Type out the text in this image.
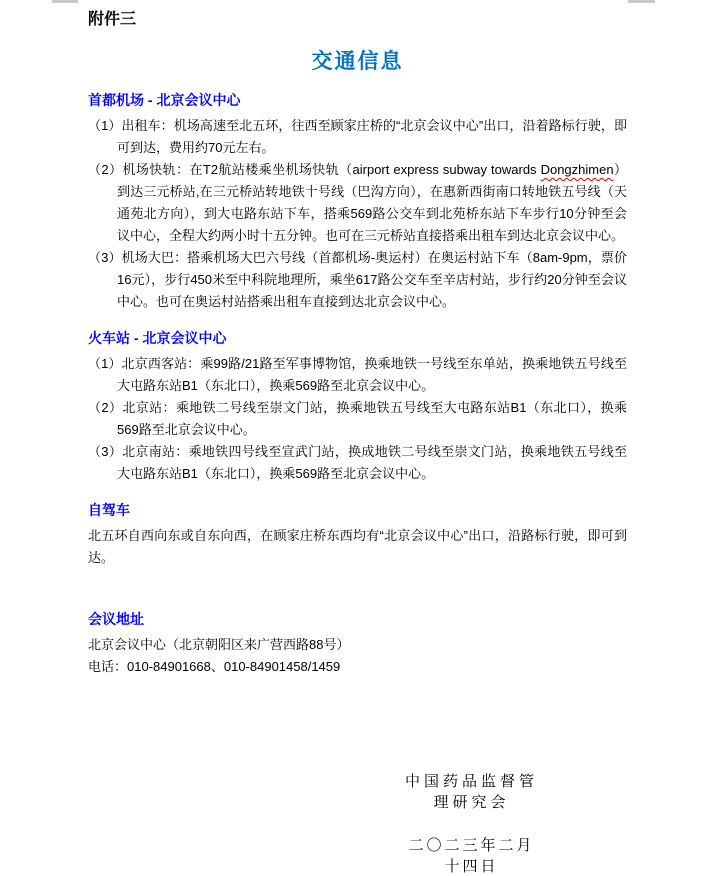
附件三

交通信息
首都机场 - 北京会议中心

（1）出租车：机场高速至北五环，往西至顾家庄桥的“北京会议中心”出口，沿着路标行驶，即可到达，费用约70元左右。

（2）机场快轨：在T2航站楼乘坐机场快轨（airport express subway towards Dongzhimen）到达三元桥站,在三元桥站转地铁十号线（巴沟方向），在惠新西街南口转地铁五号线（天通苑北方向），到大屯路东站下车，搭乘569路公交车到北苑桥东站下车步行10分钟至会议中心，全程大约两小时十五分钟。也可在三元桥站直接搭乘出租车到达北京会议中心。

（3）机场大巴：搭乘机场大巴六号线（首都机场-奥运村）在奥运村站下车（8am-9pm，票价16元），步行450米至中科院地理所，乘坐617路公交车至辛店村站，步行约20分钟至会议中心。也可在奥运村站搭乘出租车直接到达北京会议中心。

火车站 - 北京会议中心

（1）北京西客站：乘99路/21路至军事博物馆，换乘地铁一号线至东单站，换乘地铁五号线至大屯路东站B1（东北口），换乘569路至北京会议中心。

（2）北京站：乘地铁二号线至崇文门站，换乘地铁五号线至大屯路东站B1（东北口），换乘569路至北京会议中心。

（3）北京南站：乘地铁四号线至宣武门站，换成地铁二号线至崇文门站，换乘地铁五号线至大屯路东站B1（东北口），换乘569路至北京会议中心。

自驾车

北五环自西向东或自东向西，在顾家庄桥东西均有“北京会议中心”出口，沿路标行驶，即可到达。

会议地址

北京会议中心（北京朝阳区来广营西路88号）

电话：010-84901668、010-84901458/1459

中国药品监督管理研究会

二〇二三年二月十四日
